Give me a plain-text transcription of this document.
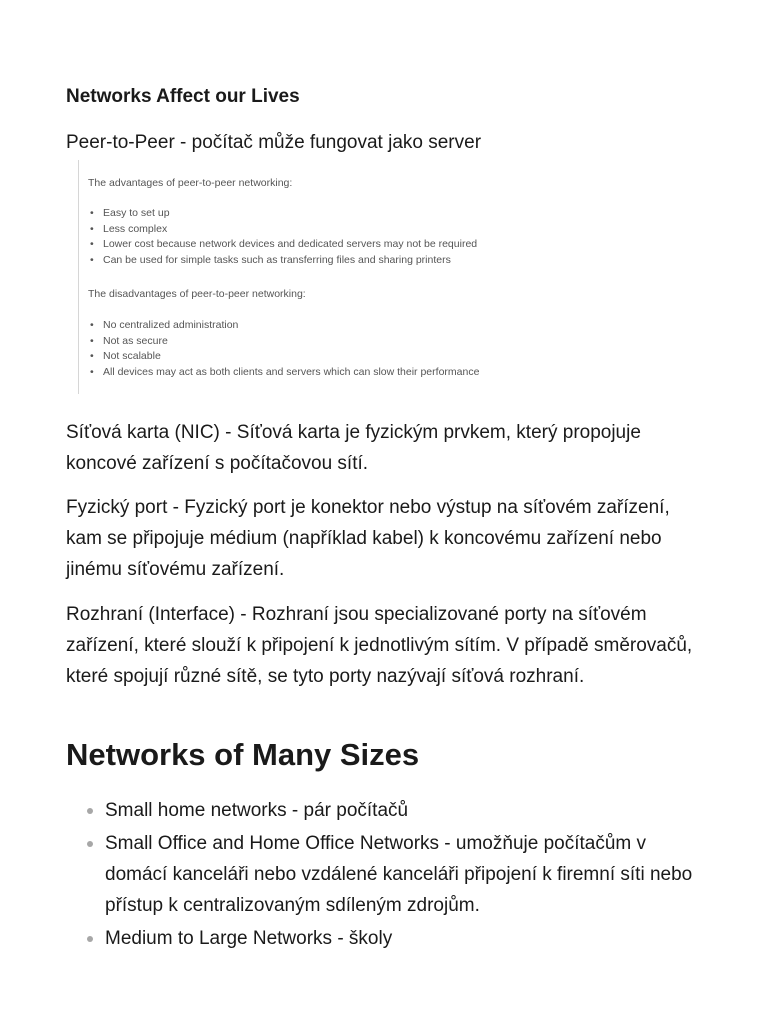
Networks Affect our Lives

Peer-to-Peer - počítač může fungovat jako server

The advantages of peer-to-peer networking:

• Easy to set up
• Less complex
• Lower cost because network devices and dedicated servers may not be required
• Can be used for simple tasks such as transferring files and sharing printers

The disadvantages of peer-to-peer networking:

• No centralized administration
• Not as secure
• Not scalable
• All devices may act as both clients and servers which can slow their performance

Síťová karta (NIC) - Síťová karta je fyzickým prvkem, který propojuje koncové zařízení s počítačovou sítí.

Fyzický port - Fyzický port je konektor nebo výstup na síťovém zařízení, kam se připojuje médium (například kabel) k koncovému zařízení nebo jinému síťovému zařízení.

Rozhraní (Interface) - Rozhraní jsou specializované porty na síťovém zařízení, které slouží k připojení k jednotlivým sítím. V případě směrovačů, které spojují různé sítě, se tyto porty nazývají síťová rozhraní.

Networks of Many Sizes
Small home networks - pár počítačů
Small Office and Home Office Networks - umožňuje počítačům v domácí kanceláři nebo vzdálené kanceláři připojení k firemní síti nebo přístup k centralizovaným sdíleným zdrojům.
Medium to Large Networks - školy
